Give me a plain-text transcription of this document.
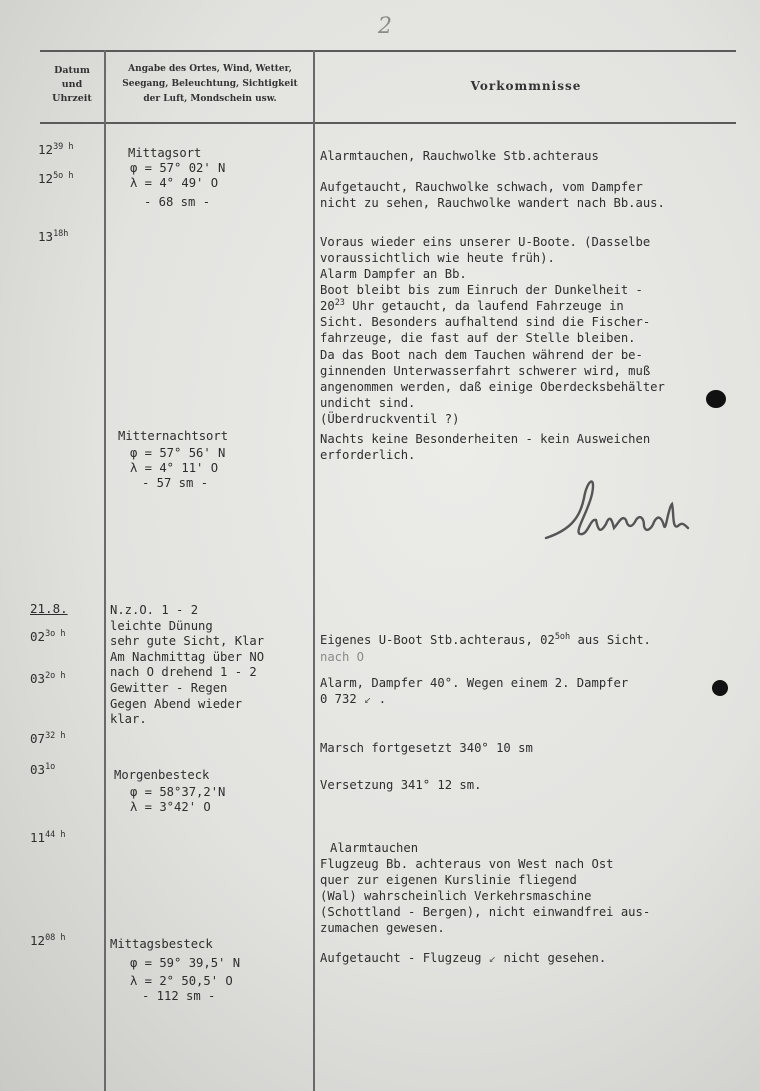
2
Datum
und
Uhrzeit
Angabe des Ortes, Wind, Wetter,
Seegang, Beleuchtung, Sichtigkeit
der Luft, Mondschein usw.
Vorkommnisse
$12^{39 h}$
$12^{5o h}$
$13^{18h}$
21.8.
$02^{3o h}$
$03^{2o h}$
$07^{32 h}$
$03^{1o}$
$11^{44 h}$
$12^{08 h}$
Mittagsort
φ = 57° 02' N
λ = 4° 49' O
- 68 sm -
Mitternachtsort
φ = 57° 56' N
λ = 4° 11' O
- 57 sm -
N.z.O. 1 - 2
leichte Dünung
sehr gute Sicht, Klar
Am Nachmittag über NO
nach O drehend 1 - 2
Gewitter - Regen
Gegen Abend wieder
klar.
Morgenbesteck
φ = 58°37,2'N
λ = 3°42' O
Mittagsbesteck
φ = 59° 39,5' N
λ = 2° 50,5' O
- 112 sm -
Alarmtauchen, Rauchwolke Stb.achteraus
Aufgetaucht, Rauchwolke schwach, vom Dampfer
nicht zu sehen, Rauchwolke wandert nach Bb.aus.
Voraus wieder eins unserer U-Boote. (Dasselbe
voraussichtlich wie heute früh).
Alarm Dampfer an Bb.
Boot bleibt bis zum Einruch der Dunkelheit -
$20^{23}$ Uhr getaucht, da laufend Fahrzeuge in
Sicht. Besonders aufhaltend sind die Fischer-
fahrzeuge, die fast auf der Stelle bleiben.
Da das Boot nach dem Tauchen während der be-
ginnenden Unterwasserfahrt schwerer wird, muß
angenommen werden, daß einige Oberdecksbehälter
undicht sind.
(Überdruckventil ?)
Nachts keine Besonderheiten - kein Ausweichen
erforderlich.
Eigenes U-Boot Stb.achteraus, $02^{5oh}$ aus Sicht.
nach O
Alarm, Dampfer 40°. Wegen einem 2. Dampfer
0 732 ↙ .
Marsch fortgesetzt 340° 10 sm
Versetzung 341° 12 sm.
Alarmtauchen
Flugzeug Bb. achteraus von West nach Ost
quer zur eigenen Kurslinie fliegend
(Wal) wahrscheinlich Verkehrsmaschine
(Schottland - Bergen), nicht einwandfrei aus-
zumachen gewesen.
Aufgetaucht - Flugzeug ↙ nicht gesehen.
